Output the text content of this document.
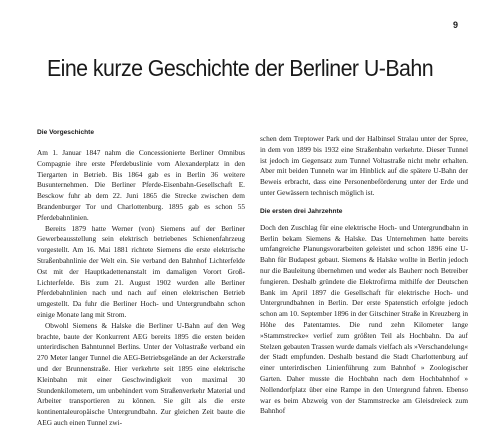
9
Eine kurze Geschichte der Berliner U-Bahn
Die Vorgeschichte

Am 1. Januar 1847 nahm die Concessionierte Berliner Omnibus Compagnie ihre erste Pferdebuslinie vom Alexanderplatz in den Tiergarten in Betrieb. Bis 1864 gab es in Berlin 36 weitere Busunternehmen. Die Berliner Pferde-Eisenbahn-Gesellschaft E. Besckow fuhr ab dem 22. Juni 1865 die Strecke zwischen dem Brandenburger Tor und Charlottenburg. 1895 gab es schon 55 Pferdebahnlinien.

Bereits 1879 hatte Werner (von) Siemens auf der Berliner Gewerbeausstellung sein elektrisch betriebenes Schienenfahrzeug vorgestellt. Am 16. Mai 1881 richtete Siemens die erste elektrische Straßenbahnlinie der Welt ein. Sie verband den Bahnhof Lichterfelde Ost mit der Hauptkadettenanstalt im damaligen Vorort Groß-Lichterfelde. Bis zum 21. August 1902 wurden alle Berliner Pferdebahnlinien nach und nach auf einen elektrischen Betrieb umgestellt. Da fuhr die Berliner Hoch- und Untergrundbahn schon einige Monate lang mit Strom.

Obwohl Siemens & Halske die Berliner U-Bahn auf den Weg brachte, baute der Konkurrent AEG bereits 1895 die ersten beiden unterirdischen Bahntunnel Berlins. Unter der Voltastraße verband ein 270 Meter langer Tunnel die AEG-Betriebsgelände an der Ackerstraße und der Brunnenstraße. Hier verkehrte seit 1895 eine elektrische Kleinbahn mit einer Geschwindigkeit von maximal 30 Stundenkilometern, um unbehindert vom Straßenverkehr Material und Arbeiter transportieren zu können. Sie gilt als die erste kontinentaleuropäische Untergrundbahn. Zur gleichen Zeit baute die AEG auch einen Tunnel zwi-

schen dem Treptower Park und der Halbinsel Stralau unter der Spree, in dem von 1899 bis 1932 eine Straßenbahn verkehrte. Dieser Tunnel ist jedoch im Gegensatz zum Tunnel Voltastraße nicht mehr erhalten. Aber mit beiden Tunneln war im Hinblick auf die spätere U-Bahn der Beweis erbracht, dass eine Personenbeförderung unter der Erde und unter Gewässern technisch möglich ist.

Die ersten drei Jahrzehnte

Doch den Zuschlag für eine elektrische Hoch- und Untergrundbahn in Berlin bekam Siemens & Halske. Das Unternehmen hatte bereits umfangreiche Planungsvorarbeiten geleistet und schon 1896 eine U-Bahn für Budapest gebaut. Siemens & Halske wollte in Berlin jedoch nur die Bauleitung übernehmen und weder als Bauherr noch Betreiber fungieren. Deshalb gründete die Elektrofirma mithilfe der Deutschen Bank im April 1897 die Gesellschaft für elektrische Hoch- und Untergrundbahnen in Berlin. Der erste Spatenstich erfolgte jedoch schon am 10. September 1896 in der Gitschiner Straße in Kreuzberg in Höhe des Patentamtes. Die rund zehn Kilometer lange »Stammstrecke« verlief zum größten Teil als Hochbahn. Da auf Stelzen gebauten Trassen wurde damals vielfach als »Verschandelung« der Stadt empfunden. Deshalb bestand die Stadt Charlottenburg auf einer unterirdischen Linienführung zum Bahnhof » Zoologischer Garten. Daher musste die Hochbahn nach dem Hochbahnhof » Nollendorfplatz über eine Rampe in den Untergrund fahren. Ebenso war es beim Abzweig von der Stammstrecke am Gleisdreieck zum Bahnhof
